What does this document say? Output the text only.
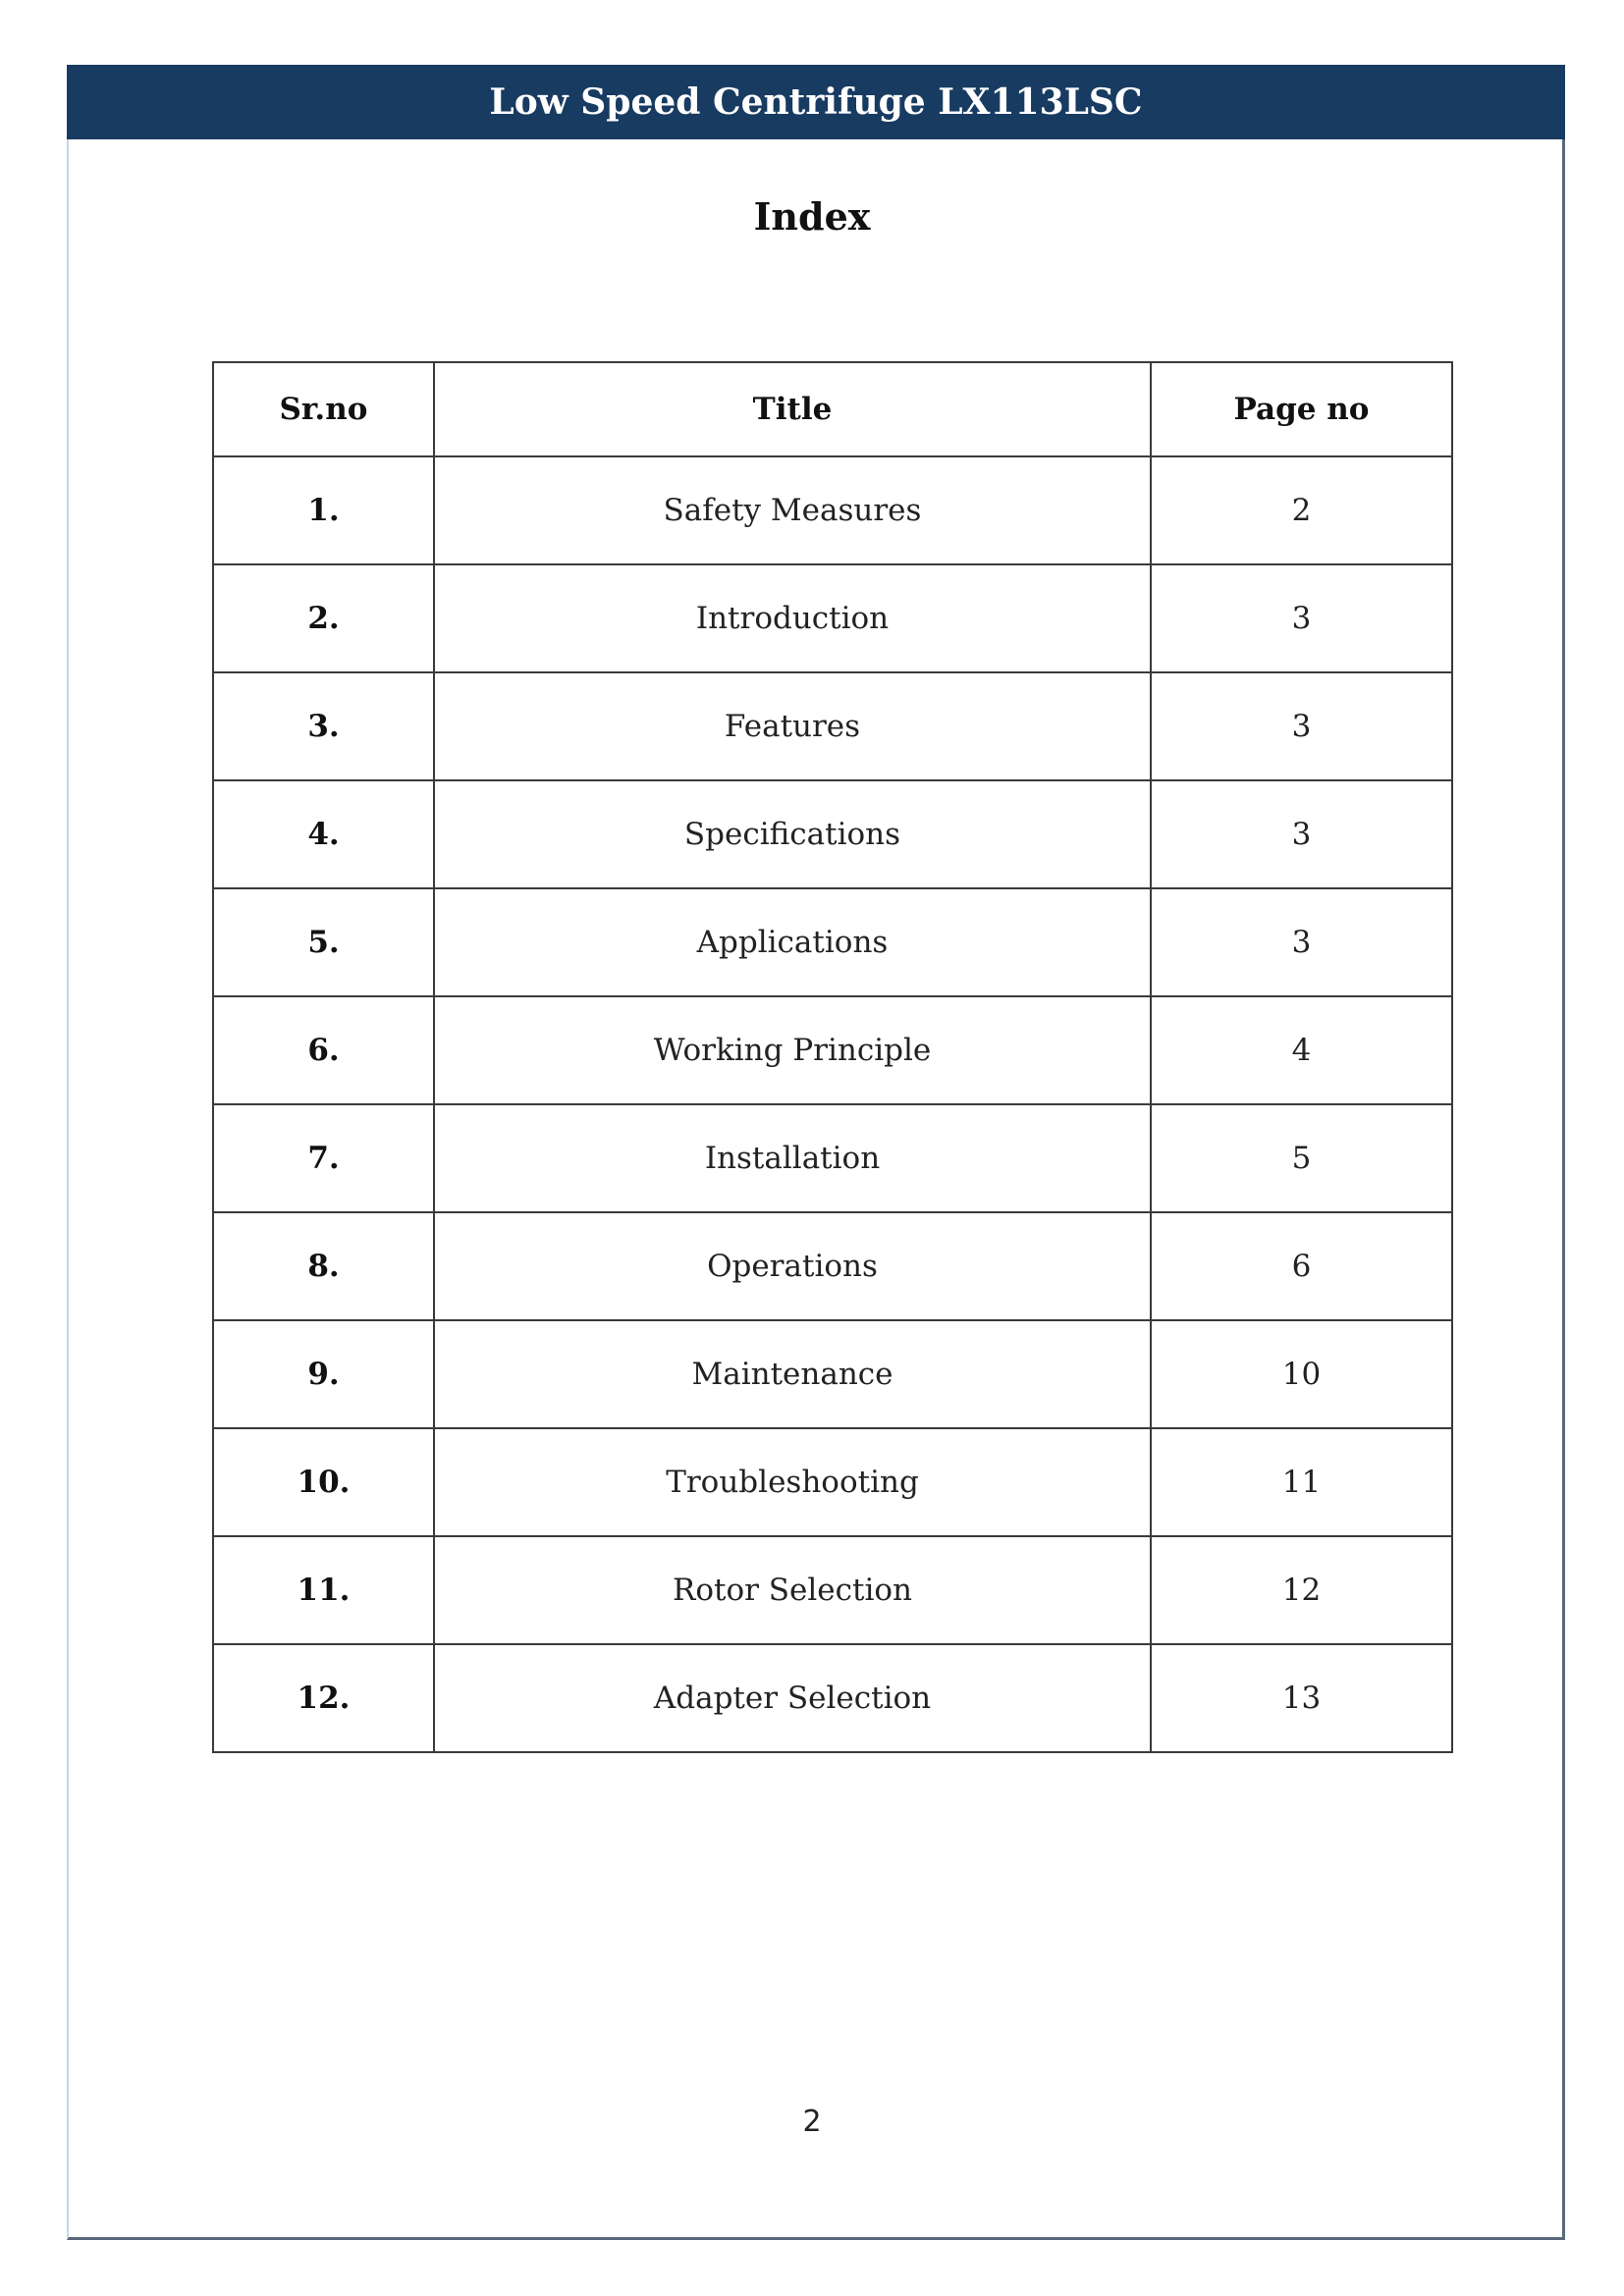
Low Speed Centrifuge LX113LSC
Index
Sr.no	Title	Page no
1.	Safety Measures	2
2.	Introduction	3
3.	Features	3
4.	Specifications	3
5.	Applications	3
6.	Working Principle	4
7.	Installation	5
8.	Operations	6
9.	Maintenance	10
10.	Troubleshooting	11
11.	Rotor Selection	12
12.	Adapter Selection	13
2
